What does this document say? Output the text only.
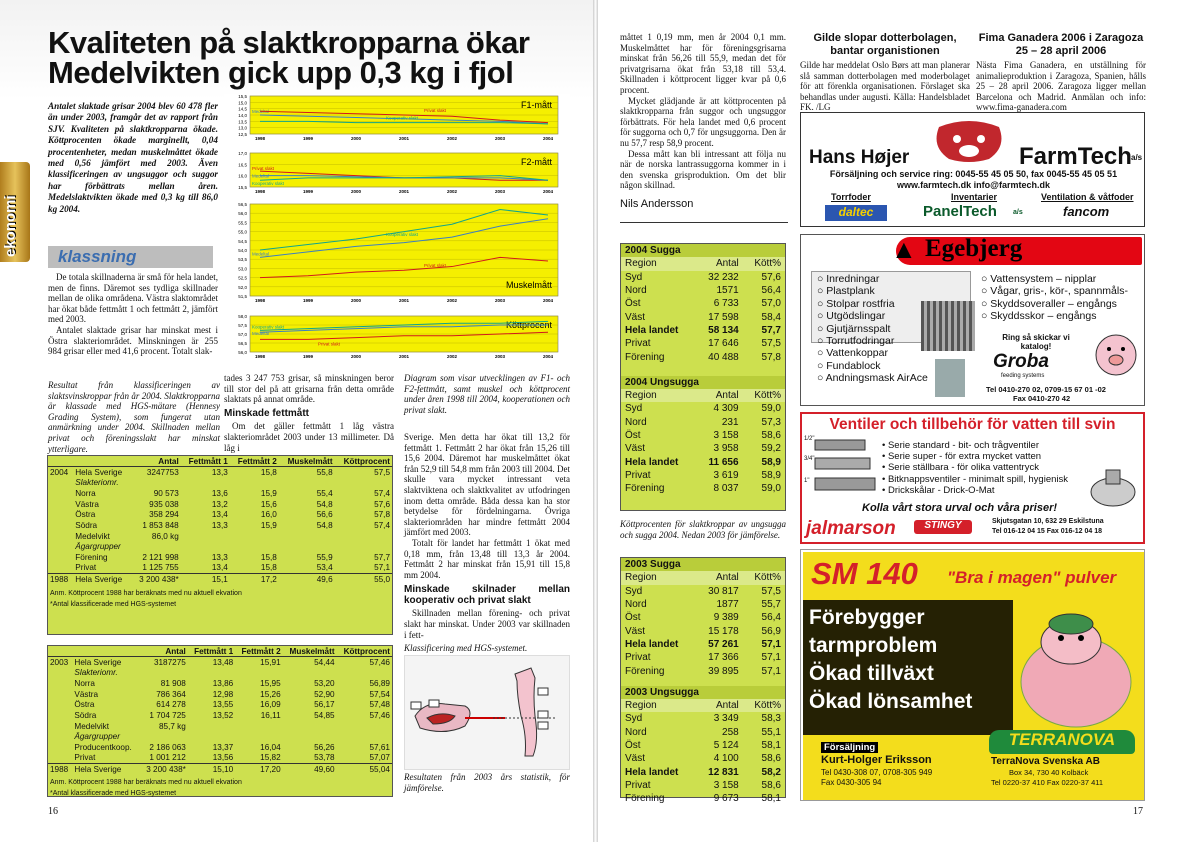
Kvaliteten på slaktkropparna ökar
Medelvikten gick upp 0,3 kg i fjol
ekonomi
Antalet slaktade grisar 2004 blev 60 478 fler än under 2003, framgår det av rapport från SJV. Kvaliteten på slaktkropparna ökade. Köttprocenten ökade marginellt, 0,04 procentenheter, medan muskelmåttet ökade med 0,56 jämfört med 2003. Även klassificeringen av ungsuggor och suggor har förbättrats mellan åren. Medelslaktvikten ökade med 0,3 kg till 86,0 kg 2004.
klassning
De totala skillnaderna är små för hela landet, men de finns. Däremot ses tydliga skillnader mellan de olika områdena. Västra slaktområdet har ökat både fettmått 1 och fettmått 2, jämfört med 2003.
Antalet slaktade grisar har minskat mest i Östra slakteriområdet. Minskningen är 255 984 grisar eller med 41,6 procent. Totalt slak-
15,5
15,0
14,5
14,0
13,5
13,0
12,5
1998	1999	2000	2001	2002	2003	2004
F1-mått
Medeltal	Privat slakt
Kooperativ slakt
17,0
16,5
16,0
15,5
1998	1999	2000	2001	2002	2003	2004
F2-mått
Privat slakt
Medeltal
Kooperativ slakt
56,5
56,0
55,5
55,0
54,5
54,0
53,5
53,0
52,5
52,0
51,5
1998	1999	2000	2001	2002	2003	2004
Muskelmått
Kooperativ slakt
Medeltal
Privat slakt
58,0
57,5
57,0
56,5
56,0
1998	1999	2000	2001	2002	2003	2004
Köttprocent
Kooperativ slakt
Medeltal
Privat slakt
Resultat från klassificeringen av slaktsvinskroppar från år 2004. Slaktkropparna är klassade med HGS-mätare (Hennesy Grading System), som fungerat utan anmärkning under 2004. Skillnaden mellan privat och föreningsslakt har minskat ytterligare.
tades 3 247 753 grisar, så minskningen beror till stor del på att grisarna från detta område slaktats på annat område.
Minskade fettmått
Om det gäller fettmått 1 låg västra slakteriområdet 2003 under 13 millimeter. Då låg i
Diagram som visar utvecklingen av F1- och F2-fettmått, samt muskel och köttprocent under åren 1998 till 2004, kooperationen och privat slakt.
Sverige. Men detta har ökat till 13,2 för fettmått 1. Fettmått 2 har ökat från 15,26 till 15,6 2004. Däremot har muskelmåttet ökat från 52,9 till 54,8 mm från 2003 till 2004. Det skulle vara mycket intressant veta slaktviktena och slaktkvalitet av utfodringen inom detta område. Båda dessa kan ha stor betydelse för fördelningarna. Övriga slakteriområden har mindre fettmått 2004 jämfört med 2003.
Totalt för landet har fettmått 1 ökat med 0,18 mm, från 13,48 till 13,3 år 2004. Fettmått 2 har minskat från 15,91 till 15,8 mm 2004.
Minskade skilnader mellan kooperativ och privat slakt
Skillnaden mellan förening- och privat slakt har minskat. Under 2003 var skillnaden i fett-
		Antal	Fettmått 1	Fettmått 2	Muskelmått	Köttprocent
2004	Hela Sverige	3247753	13,3	15,8	55,8	57,5
	Slakteriomr.					
	Norra	90 573	13,6	15,9	55,4	57,4
	Västra	935 038	13,2	15,6	54,8	57,6
	Östra	358 294	13,4	16,0	56,6	57,8
	Södra	1 853 848	13,3	15,9	54,8	57,4
	Medelvikt	86,0 kg				
	Ägargrupper					
	Förening	2 121 998	13,3	15,8	55,9	57,7
	Privat	1 125 755	13,4	15,8	53,4	57,1
1988	Hela Sverige	3 200 438*	15,1	17,2	49,6	55,0
Anm. Köttprocent 1988 har beräknats med nu aktuell ekvation
*Antal klassificerade med HGS-systemet
		Antal	Fettmått 1	Fettmått 2	Muskelmått	Köttprocent
2003	Hela Sverige	3187275	13,48	15,91	54,44	57,46
	Slakteriomr.					
	Norra	81 908	13,86	15,95	53,20	56,89
	Västra	786 364	12,98	15,26	52,90	57,54
	Östra	614 278	13,55	16,09	56,17	57,48
	Södra	1 704 725	13,52	16,11	54,85	57,46
	Medelvikt	85,7 kg				
	Ägargrupper					
	Producentkoop.	2 186 063	13,37	16,04	56,26	57,61
	Privat	1 001 212	13,56	15,82	53,78	57,07
1988	Hela Sverige	3 200 438*	15,10	17,20	49,60	55,04
Anm. Köttprocent 1988 har beräknats med nu aktuell ekvation
*Antal klassificerade med HGS-systemet
Klassificering med HGS-systemet.
Resultaten från 2003 års statistik, för jämförelse.
16
måttet 1 0,19 mm, men år 2004 0,1 mm. Muskelmåttet har för föreningsgrisarna minskat från 56,26 till 55,9, medan det för privatgrisarna ökat från 53,18 till 53,4. Skillnaden i köttprocent ligger kvar på 0,6 procent.
Mycket glädjande är att köttprocenten på slaktkropparna från suggor och ungsuggor förbättrats. För hela landet med 0,6 procent för suggorna och 0,7 för ungsuggorna. Den är nu 57,7 resp 58,9 procent.
Dessa mått kan bli intressant att följa nu när de norska lantrassuggorna kommer in i den svenska grisproduktion. Om det blir någon skillnad.
Nils Andersson
Gilde slopar dotterbolagen, bantar organistionen
Gilde har meddelat Oslo Børs att man planerar slå samman dotterbolagen med moderbolaget för att förenkla organisationen. Förslaget ska behandlas under augusti. Källa: Handelsbladet FK. /LG
Fima Ganadera 2006 i Zaragoza 25 – 28 april 2006
Nästa Fima Ganadera, en utställning för animalieproduktion i Zaragoza, Spanien, hålls 25 – 28 april 2006. Zaragoza ligger mellan Barcelona och Madrid. Anmälan och info: www.fima-ganadera.com
2004 Sugga		
Region	Antal	Kött%
Syd	32 232	57,6
Nord	1571	56,4
Öst	6 733	57,0
Väst	17 598	58,4
Hela landet	58 134	57,7
Privat	17 646	57,5
Förening	40 488	57,8
2004 Ungsugga		
Region	Antal	Kött%
Syd	4 309	59,0
Nord	231	57,3
Öst	3 158	58,6
Väst	3 958	59,2
Hela landet	11 656	58,9
Privat	3 619	58,9
Förening	8 037	59,0
Köttprocenten för slaktkroppar av ungsugga och sugga 2004. Nedan 2003 för jämförelse.
2003 Sugga		
Region	Antal	Kött%
Syd	30 817	57,5
Nord	1877	55,7
Öst	9 389	56,4
Väst	15 178	56,9
Hela landet	57 261	57,1
Privat	17 366	57,1
Förening	39 895	57,1
2003 Ungsugga		
Region	Antal	Kött%
Syd	3 349	58,3
Nord	258	55,1
Öst	5 124	58,1
Väst	4 100	58,6
Hela landet	12 831	58,2
Privat	3 158	58,6
Förening	9 673	58,1
17
Hans Højer	FarmTech a/s
Försäljning och service ring: 0045-55 45 05 50, fax 0045-55 45 05 51
www.farmtech.dk info@farmtech.dk
Torrfoder	Inventarier	Ventilation & våtfoder
daltec	PanelTech a/s	fancom
▲ Egebjerg
○ Inredningar
○ Plastplank
○ Stolpar rostfria
○ Utgödslingar
○ Gjutjärnsspalt
○ Torrutfodringar
○ Vattenkoppar
○ Fundablock
○ Andningsmask AirAce
○ Vattensystem – nipplar
○ Vågar, gris-, kör-, spannmåls-
○ Skyddsoveraller – engångs
○ Skyddsskor – engångs
Ring så skickar vi katalog!
Groba
feeding systems
Tel 0410-270 02, 0709-15 67 01 -02
Fax 0410-270 42
Ventiler och tillbehör för vatten till svin
1/2"
3/4"
1"
• Serie standard - bit- och trågventiler
• Serie super - för extra mycket vatten
• Serie ställbara - för olika vattentryck
• Bitknappsventiler - minimalt spill, hygienisk
• Drickskålar - Drick-O-Mat
Kolla vårt stora urval och våra priser!
jalmarson	STINGY	Skjutsgatan 10, 632 29 Eskilstuna
Tel 016-12 04 15 Fax 016-12 04 18
SM 140 "Bra i magen" pulver
Förebygger
tarmproblem
Ökad tillväxt
Ökad lönsamhet
Försäljning
Kurt-Holger Eriksson
Tel 0430-308 07, 0708-305 949
Fax 0430-305 94
TERRANOVA
TerraNova Svenska AB
Box 34, 730 40 Kolbäck
Tel 0220-37 410 Fax 0220-37 411
